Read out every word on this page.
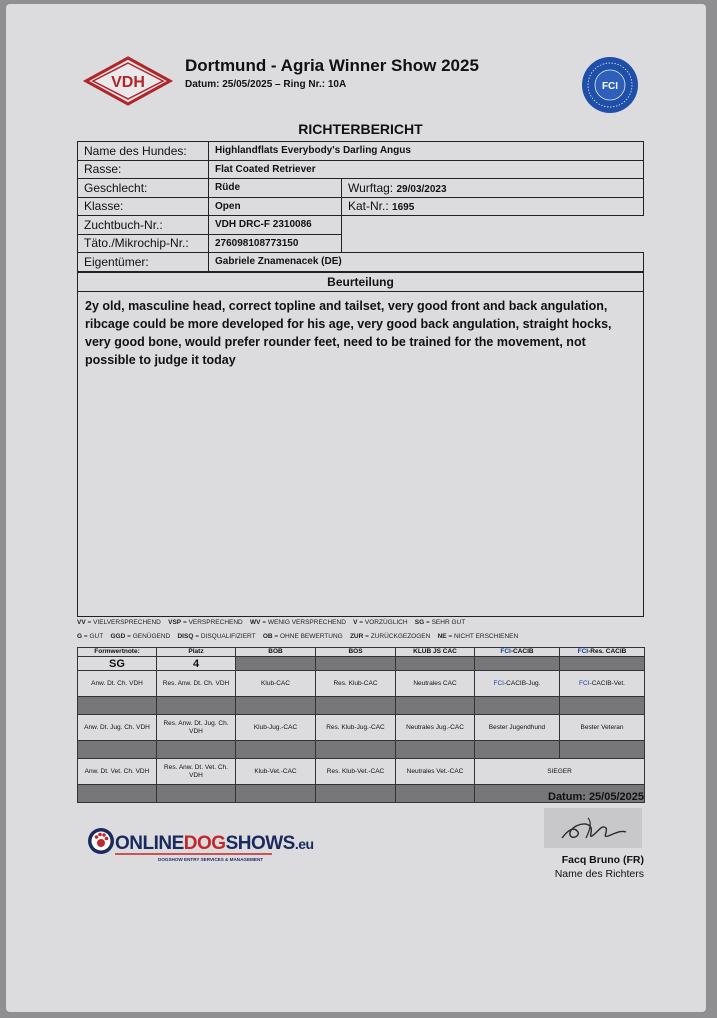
VDH
Dortmund - Agria Winner Show 2025
Datum: 25/05/2025 – Ring Nr.: 10A	FCI
RICHTERBERICHT
Name des Hundes:	Highlandflats Everybody's Darling Angus	
Rasse:	Flat Coated Retriever	
Geschlecht:	Rüde	Wurftag: 29/03/2023
Klasse:	Open	Kat-Nr.: 1695
Zuchtbuch-Nr.:	VDH DRC-F 2310086	
Täto./Mikrochip-Nr.:	276098108773150	
Eigentümer:	Gabriele Znamenacek (DE)	
Beurteilung
2y old, masculine head, correct topline and tailset, very good front and back angulation, ribcage could be more developed for his age, very good back angulation, straight hocks, very good bone, would prefer rounder feet, need to be trained for the movement, not possible to judge it today
VV = VIELVERSPRECHEND VSP = VERSPRECHEND WV = WENIG VERSPRECHEND V = VORZÜGLICH SG = SEHR GUT
G = GUT GGD = GENÜGEND DISQ = DISQUALIFIZIERT OB = OHNE BEWERTUNG ZUR = ZURÜCKGEZOGEN NE = NICHT ERSCHIENEN
Formwertnote:	Platz	BOB	BOS	KLUB JS CAC	FCI-CACIB	FCI-Res. CACIB
SG	4					
Anw. Dt. Ch. VDH	Res. Anw. Dt. Ch. VDH	Klub-CAC	Res. Klub-CAC	Neutrales CAC	FCI-CACIB-Jug.	FCI-CACIB-Vet.

Anw. Dt. Jug. Ch. VDH	Res. Anw. Dt. Jug. Ch. VDH	Klub-Jug.-CAC	Res. Klub-Jug.-CAC	Neutrales Jug.-CAC	Bester Jugendhund	Bester Veteran

Anw. Dt. Vet. Ch. VDH	Res. Anw. Dt. Vet. Ch. VDH	Klub-Vet.-CAC	Res. Klub-Vet.-CAC	Neutrales Vet.-CAC	SIEGER	

Datum: 25/05/2025
ONLINEDOGSHOWS.eu
DOGSHOW ENTRY SERVICES & MANAGEMENT	Facq Bruno (FR)
Name des Richters
